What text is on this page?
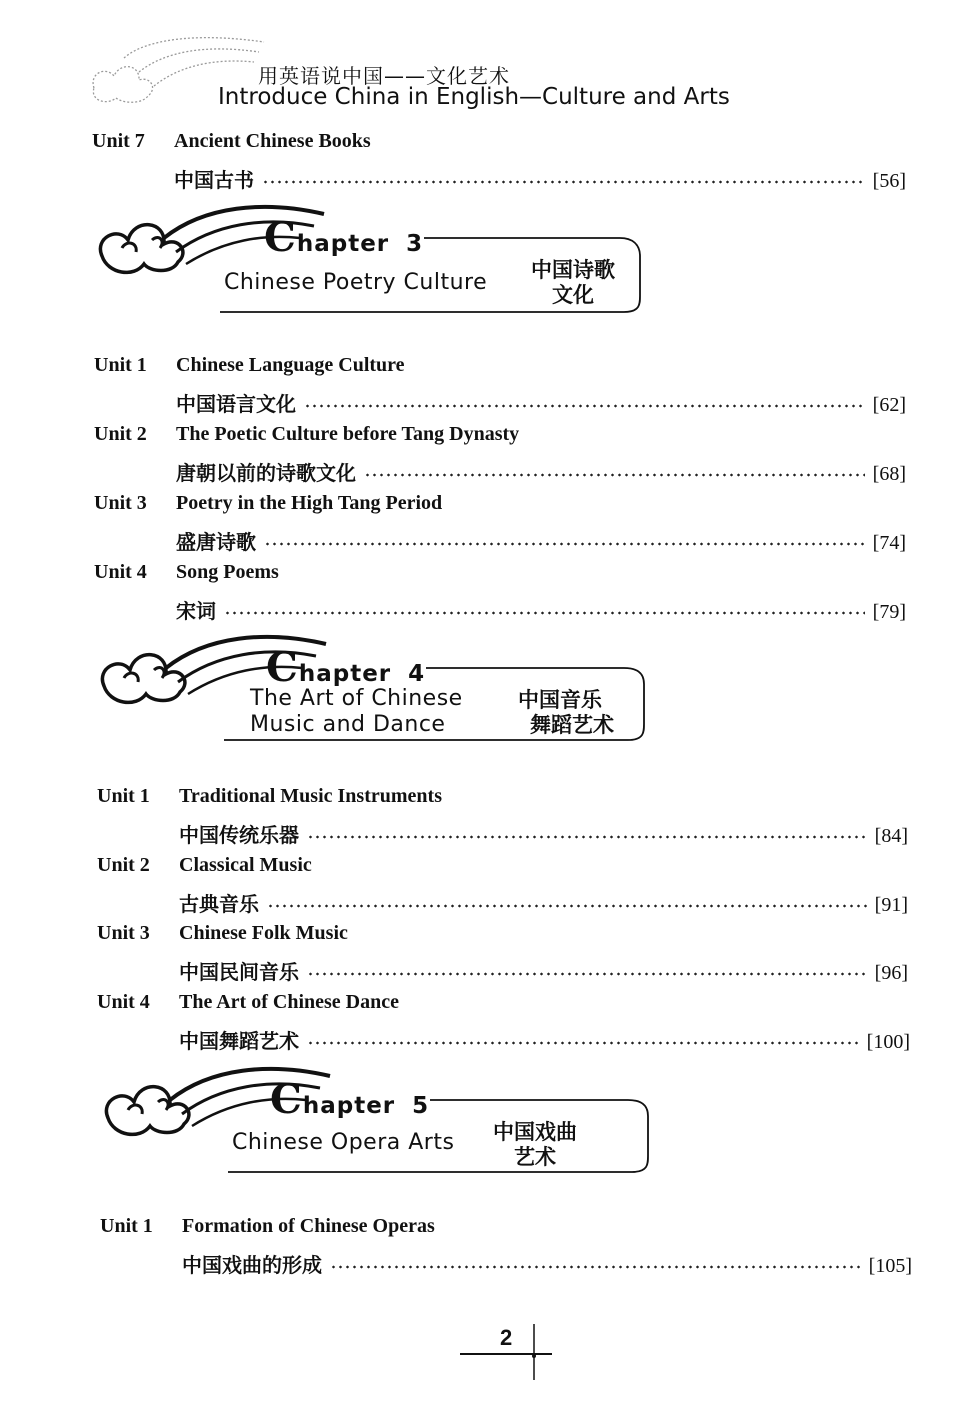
用英语说中国——文化艺术
Introduce China in English—Culture and Arts
Unit 7 Ancient Chinese Books
中国古书	[56]
Chapter 3
Chinese Poetry Culture	中国诗歌
文化
Unit 1 Chinese Language Culture
中国语言文化	[62]
Unit 2 The Poetic Culture before Tang Dynasty
唐朝以前的诗歌文化	[68]
Unit 3 Poetry in the High Tang Period
盛唐诗歌	[74]
Unit 4 Song Poems
宋词	[79]
Chapter 4
The Art of Chinese
Music and Dance
中国音乐
舞蹈艺术
Unit 1 Traditional Music Instruments
中国传统乐器	[84]
Unit 2 Classical Music
古典音乐	[91]
Unit 3 Chinese Folk Music
中国民间音乐	[96]
Unit 4 The Art of Chinese Dance
中国舞蹈艺术	[100]
Chapter 5
Chinese Opera Arts	中国戏曲
艺术
Unit 1 Formation of Chinese Operas
中国戏曲的形成	[105]
2
